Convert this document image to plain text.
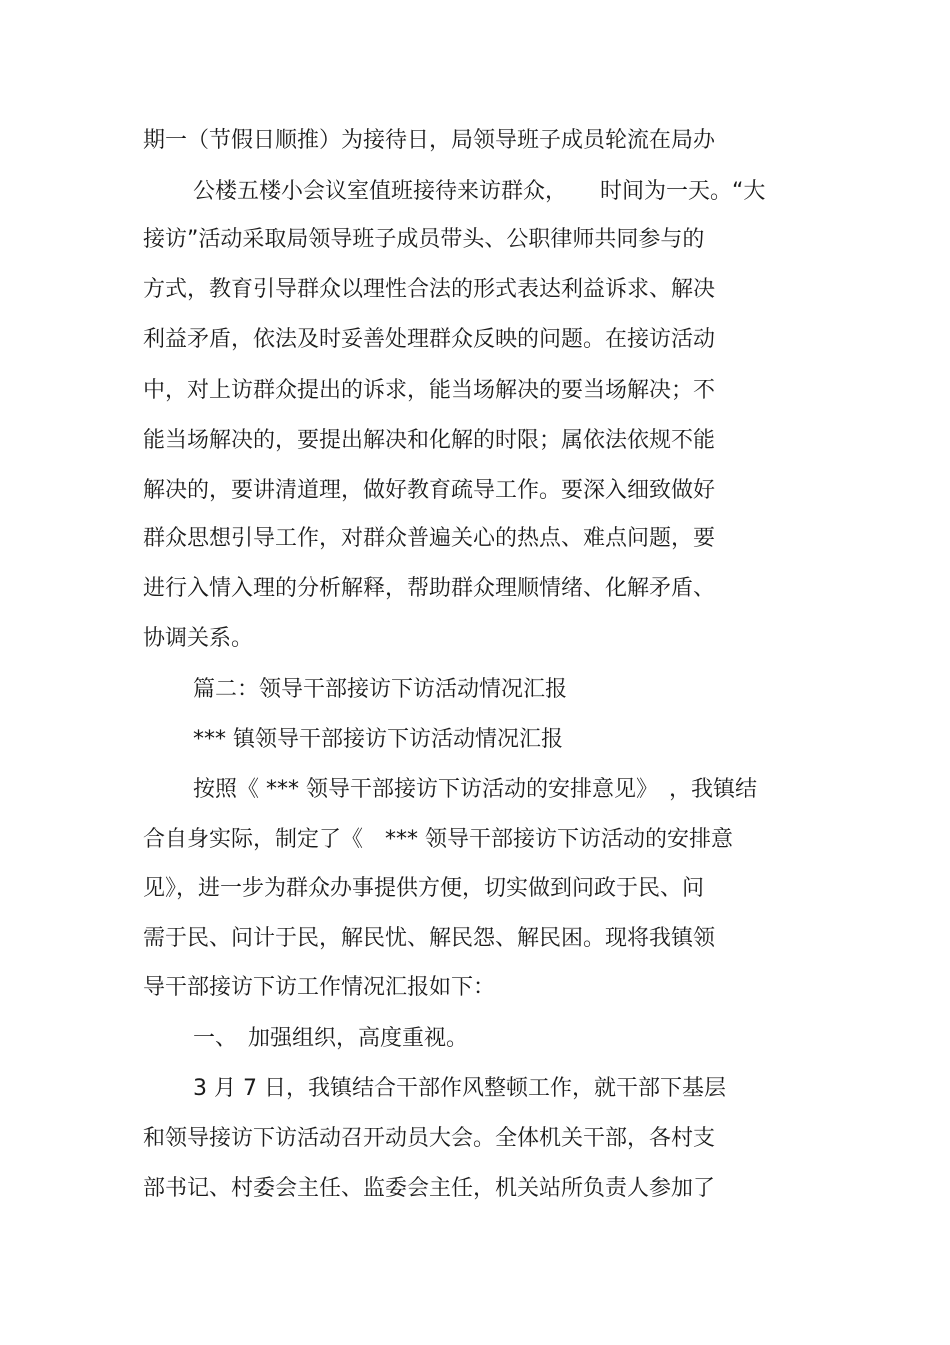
期一（节假日顺推）为接待日，局领导班子成员轮流在局办

公楼五楼小会议室值班接待来访群众，　　时间为一天。“大

接访”活动采取局领导班子成员带头、公职律师共同参与的

方式，教育引导群众以理性合法的形式表达利益诉求、解决

利益矛盾，依法及时妥善处理群众反映的问题。在接访活动

中，对上访群众提出的诉求，能当场解决的要当场解决；不

能当场解决的，要提出解决和化解的时限；属依法依规不能

解决的，要讲清道理，做好教育疏导工作。要深入细致做好

群众思想引导工作，对群众普遍关心的热点、难点问题，要

进行入情入理的分析解释，帮助群众理顺情绪、化解矛盾、

协调关系。

篇二：领导干部接访下访活动情况汇报

*** 镇领导干部接访下访活动情况汇报

按照《 *** 领导干部接访下访活动的安排意见》　，我镇结

合自身实际，制定了《　*** 领导干部接访下访活动的安排意

见》，进一步为群众办事提供方便，切实做到问政于民、问

需于民、问计于民，解民忧、解民怨、解民困。现将我镇领

导干部接访下访工作情况汇报如下：

一、　加强组织，高度重视。

3 月 7 日，我镇结合干部作风整顿工作，就干部下基层

和领导接访下访活动召开动员大会。全体机关干部，各村支

部书记、村委会主任、监委会主任，机关站所负责人参加了
